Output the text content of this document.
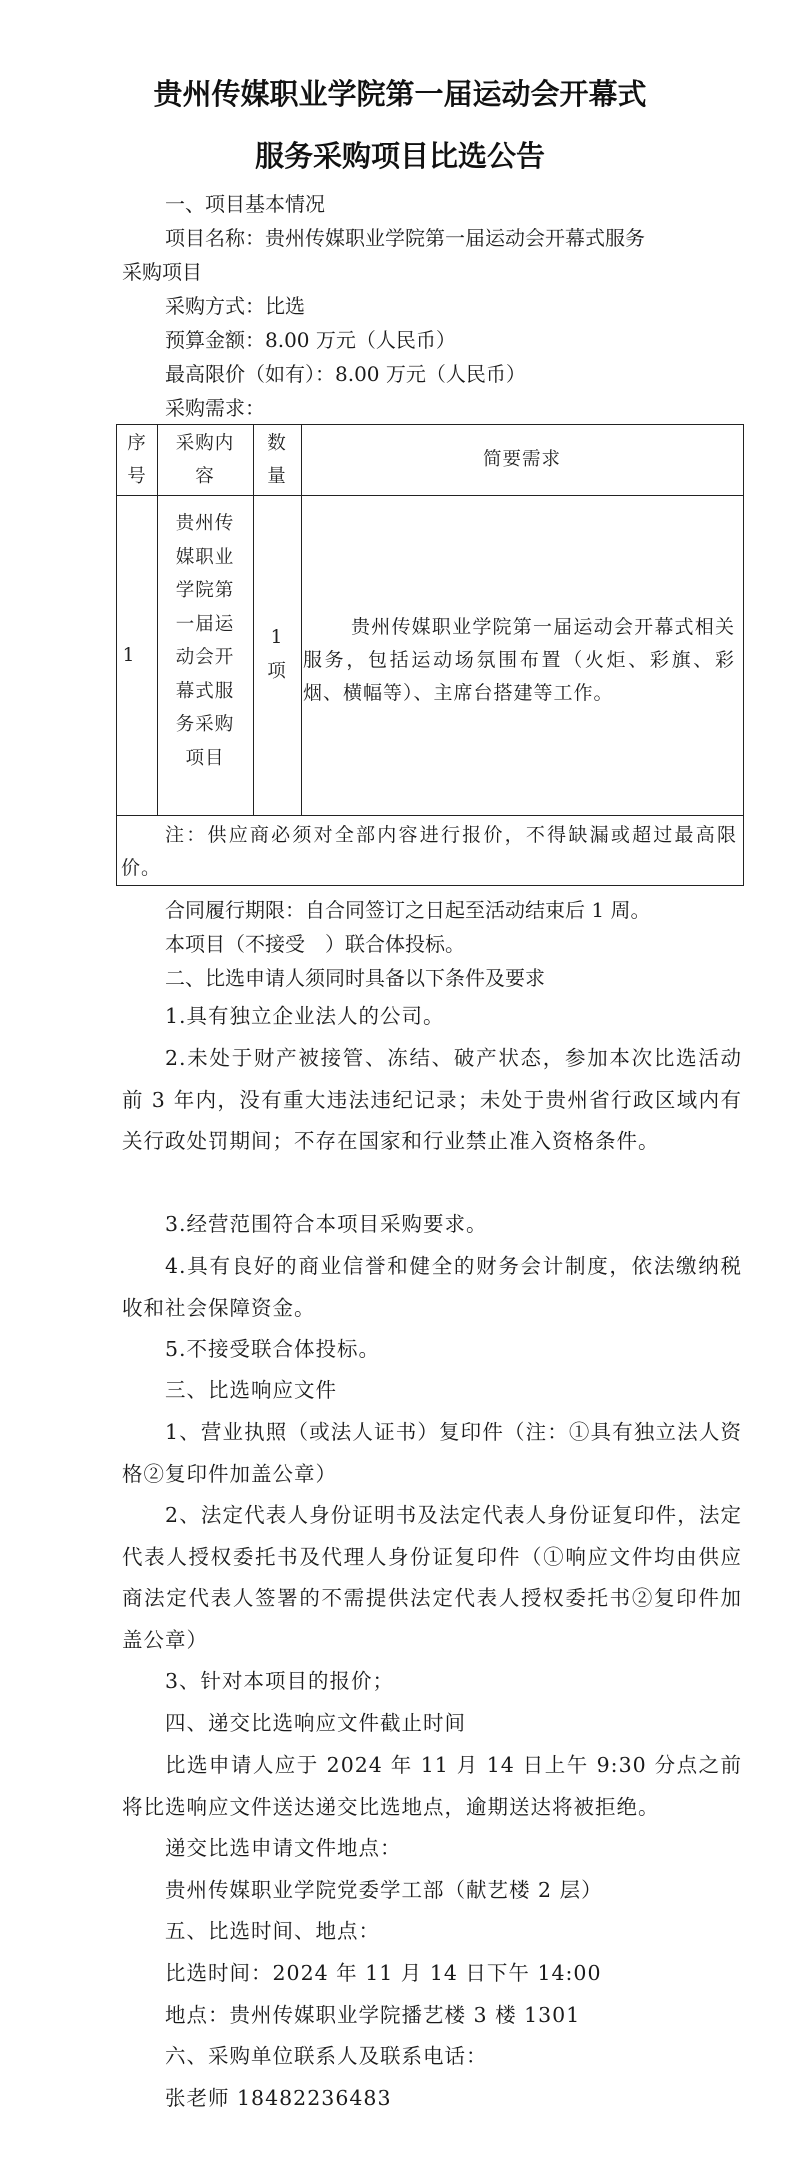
贵州传媒职业学院第一届运动会开幕式
服务采购项目比选公告
一、项目基本情况
项目名称：贵州传媒职业学院第一届运动会开幕式服务
采购项目
采购方式：比选
预算金额：8.00 万元（人民币）
最高限价（如有）：8.00 万元（人民币）
采购需求：
序
号
采购内
容
数
量
简要需求
1
贵州传
媒职业
学院第
一届运
动会开
幕式服
务采购
项目
1
项
贵州传媒职业学院第一届运动会开幕式相关服务，包括运动场氛围布置（火炬、彩旗、彩烟、横幅等）、主席台搭建等工作。
注：供应商必须对全部内容进行报价，不得缺漏或超过最高限价。
合同履行期限：自合同签订之日起至活动结束后 1 周。
本项目（不接受　）联合体投标。
二、比选申请人须同时具备以下条件及要求
1.具有独立企业法人的公司。
2.未处于财产被接管、冻结、破产状态，参加本次比选活动前 3 年内，没有重大违法违纪记录；未处于贵州省行政区域内有关行政处罚期间；不存在国家和行业禁止准入资格条件。
3.经营范围符合本项目采购要求。
4.具有良好的商业信誉和健全的财务会计制度，依法缴纳税收和社会保障资金。
5.不接受联合体投标。
三、比选响应文件
1、营业执照（或法人证书）复印件（注：①具有独立法人资格②复印件加盖公章）
2、法定代表人身份证明书及法定代表人身份证复印件，法定代表人授权委托书及代理人身份证复印件（①响应文件均由供应商法定代表人签署的不需提供法定代表人授权委托书②复印件加盖公章）
3、针对本项目的报价；
四、递交比选响应文件截止时间
比选申请人应于 2024 年 11 月 14 日上午 9:30 分点之前将比选响应文件送达递交比选地点，逾期送达将被拒绝。
递交比选申请文件地点：
贵州传媒职业学院党委学工部（献艺楼 2 层）
五、比选时间、地点：
比选时间：2024 年 11 月 14 日下午 14:00
地点：贵州传媒职业学院播艺楼 3 楼 1301
六、采购单位联系人及联系电话：
张老师 18482236483
